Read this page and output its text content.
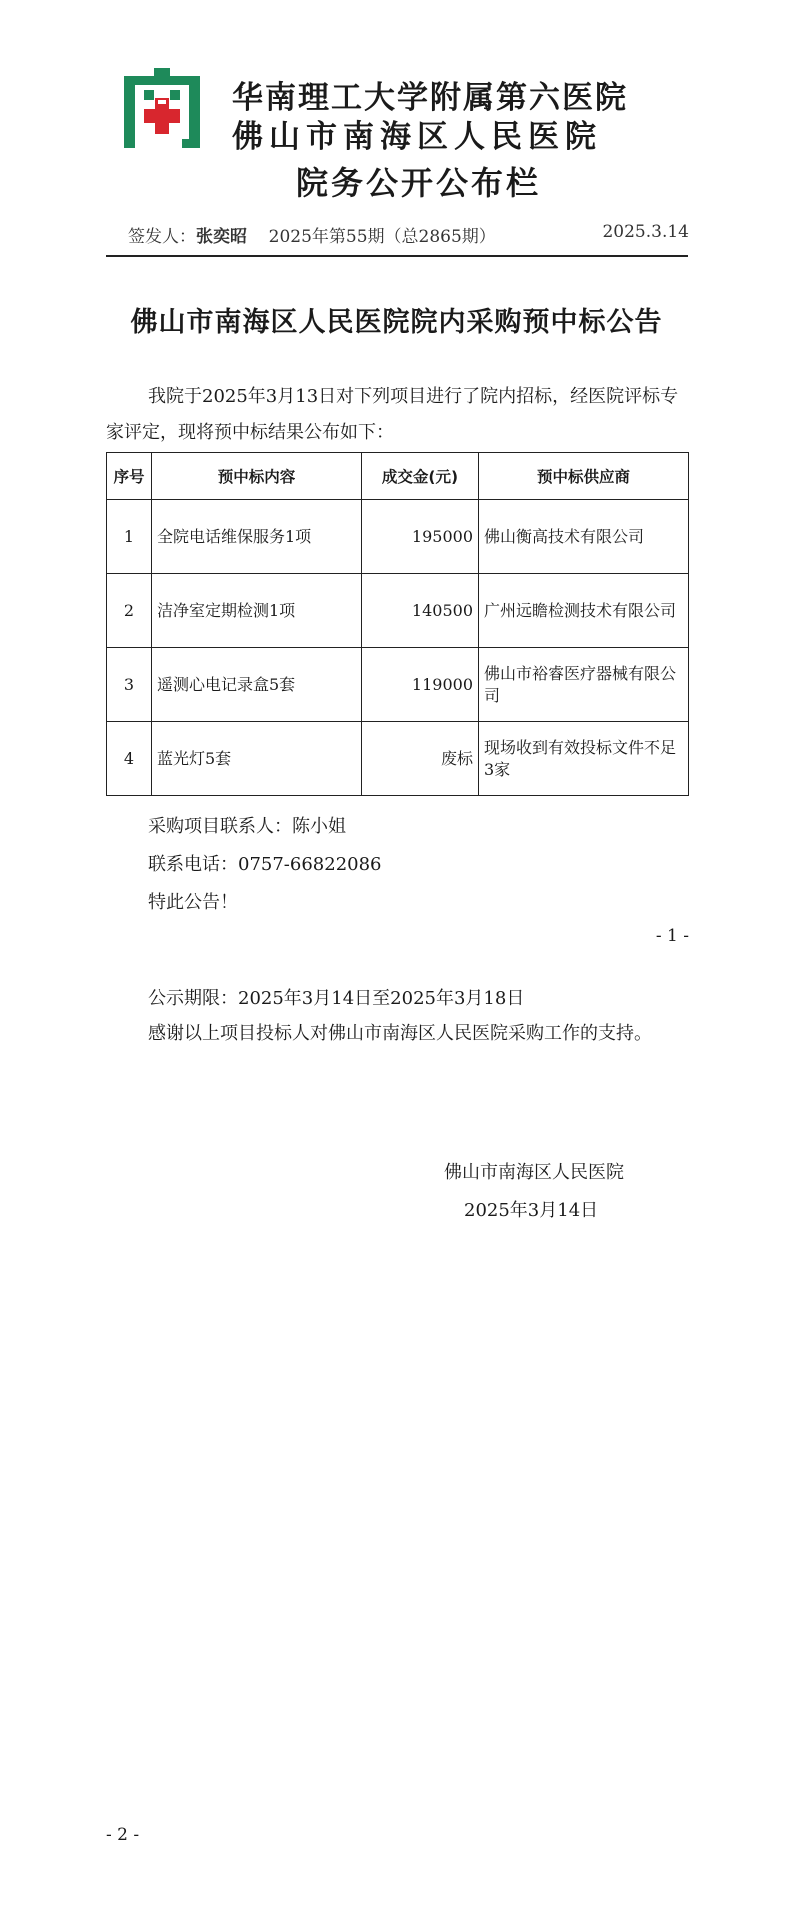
华南理工大学附属第六医院
佛山市南海区人民医院
院务公开公布栏
签发人：张奕昭 2025年第55期（总2865期）	2025.3.14
佛山市南海区人民医院院内采购预中标公告
我院于2025年3月13日对下列项目进行了院内招标，经医院评标专家评定，现将预中标结果公布如下：
序号	预中标内容	成交金(元)	预中标供应商
1	全院电话维保服务1项	195000	佛山衡高技术有限公司
2	洁净室定期检测1项	140500	广州远瞻检测技术有限公司
3	遥测心电记录盒5套	119000	佛山市裕睿医疗器械有限公司
4	蓝光灯5套	废标	现场收到有效投标文件不足3家
采购项目联系人：陈小姐
联系电话：0757-66822086
特此公告！
- 1 -
公示期限：2025年3月14日至2025年3月18日
感谢以上项目投标人对佛山市南海区人民医院采购工作的支持。
佛山市南海区人民医院
2025年3月14日
- 2 -
